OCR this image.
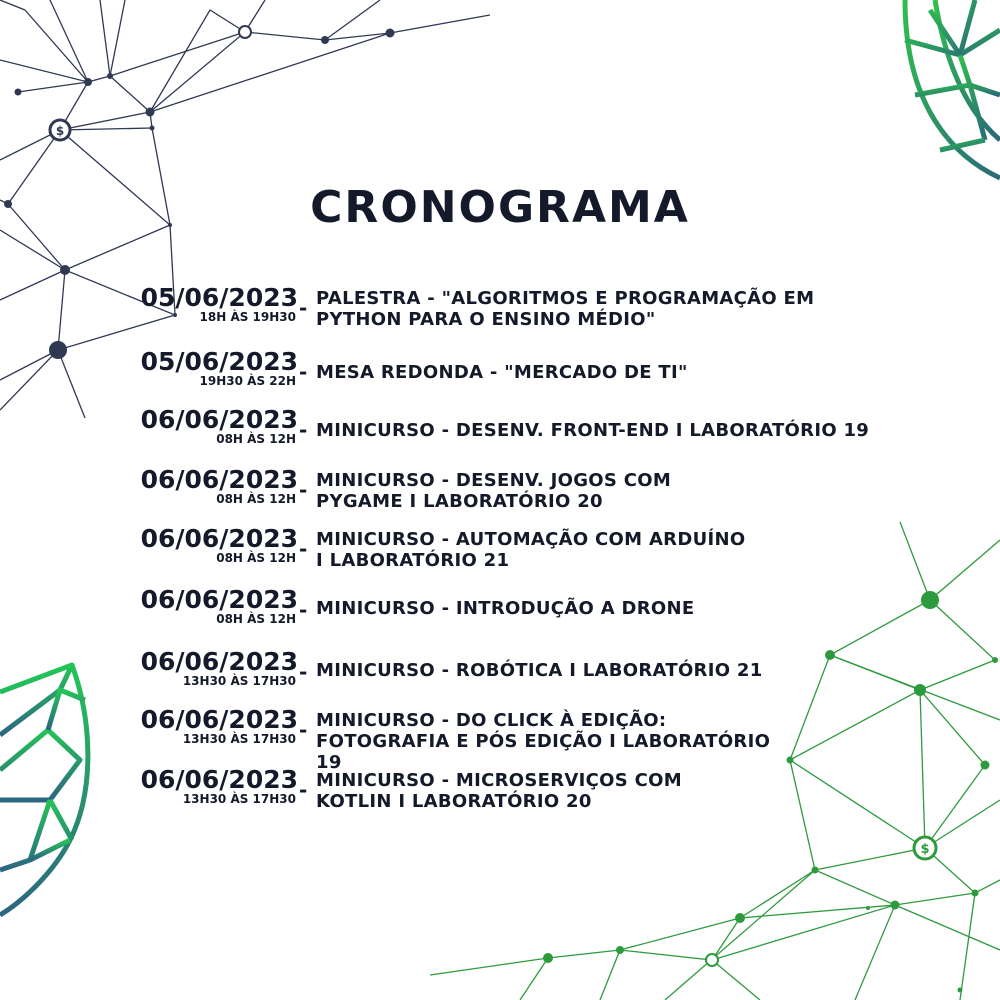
$
$
CRONOGRAMA
05/06/2023
18H ÀS 19H30 - PALESTRA - "ALGORITMOS E PROGRAMAÇÃO EM PYTHON PARA O ENSINO MÉDIO"
05/06/2023
19H30 ÀS 22H - MESA REDONDA - "MERCADO DE TI"
06/06/2023
08H ÀS 12H - MINICURSO - DESENV. FRONT-END I LABORATÓRIO 19
06/06/2023
08H ÀS 12H - MINICURSO - DESENV. JOGOS COM PYGAME I LABORATÓRIO 20
06/06/2023
08H ÀS 12H - MINICURSO - AUTOMAÇÃO COM ARDUÍNO I LABORATÓRIO 21
06/06/2023
08H ÀS 12H - MINICURSO - INTRODUÇÃO A DRONE
06/06/2023
13H30 ÀS 17H30 - MINICURSO - ROBÓTICA I LABORATÓRIO 21
06/06/2023
13H30 ÀS 17H30 - MINICURSO - DO CLICK À EDIÇÃO: FOTOGRAFIA E PÓS EDIÇÃO I LABORATÓRIO 19
06/06/2023
13H30 ÀS 17H30 - MINICURSO - MICROSERVIÇOS COM KOTLIN I LABORATÓRIO 20
